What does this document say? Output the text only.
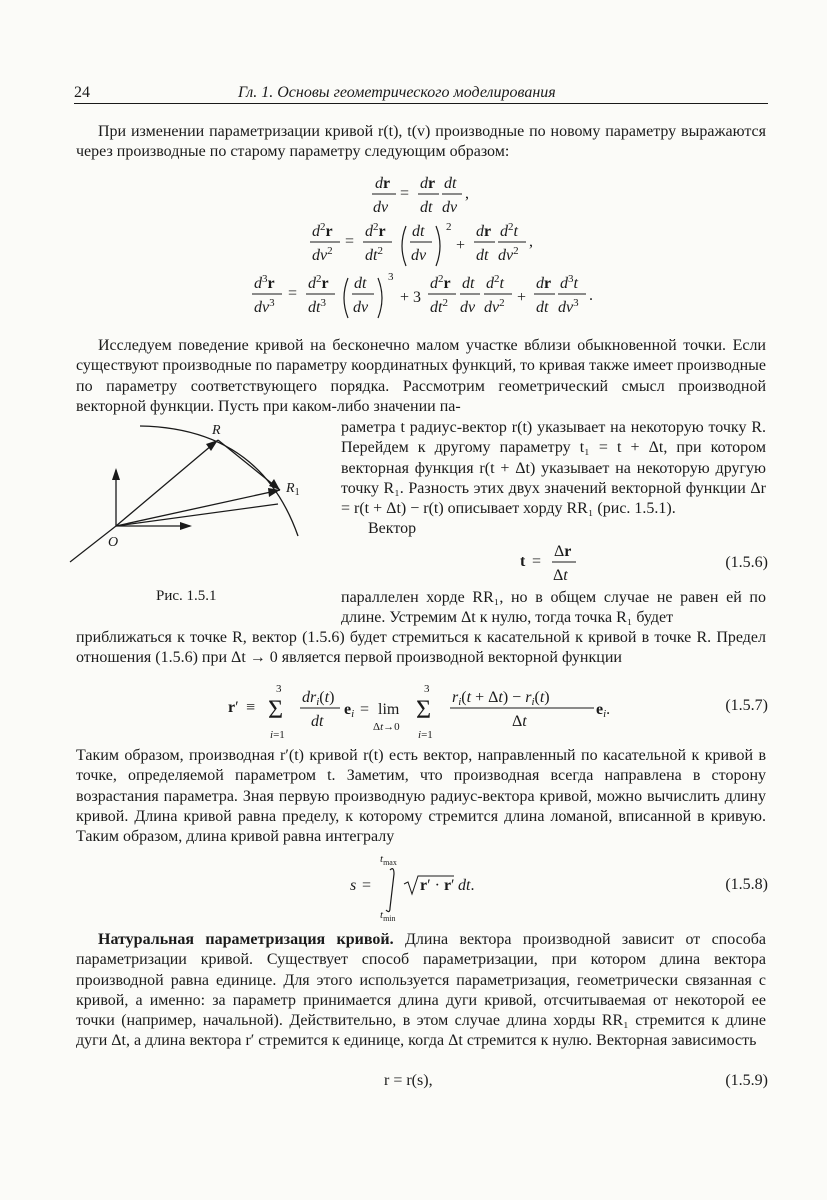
24	Гл. 1. Основы геометрического моделирования
При изменении параметризации кривой r(t), t(v) производные по новому параметру выражаются через производные по старому параметру следующим образом:
dr
dv
=
dr
dt
dt
dv
,
$d^2r$
$dv^2$
=
$d^2r$
$dt^2$
dt
dv
2
+
dr
dt
$d^2t$
$dv^2$
,
$d^3r$
$dv^3$
=
$d^2r$
$dt^3$
dt
dv
3
+ 3
$d^2r$
$dt^2$
dt
dv
$d^2t$
$dv^2$ +
dr
dt
$d^3t$
$dv^3$ .
Исследуем поведение кривой на бесконечно малом участке вблизи обыкновенной точки. Если существуют производные по параметру координатных функций, то кривая также имеет производные по параметру соответствующего порядка. Рассмотрим геометрический смысл производной векторной функции. Пусть при каком-либо значении па-
R
$R_1$
O
Рис. 1.5.1
раметра t радиус-вектор r(t) указывает на некоторую точку R. Перейдем к другому параметру t₁ = t + Δt, при котором векторная функция r(t + Δt) указывает на некоторую другую точку R₁. Разность этих двух значений векторной функции Δr = r(t + Δt) − r(t) описывает хорду RR₁ (рис. 1.5.1).
Вектор
t =
Δr
Δt
(1.5.6)
параллелен хорде RR₁, но в общем случае не равен ей по длине. Устремим Δt к нулю, тогда точка R₁ будет
приближаться к точке R, вектор (1.5.6) будет стремиться к касательной к кривой в точке R. Предел отношения (1.5.6) при Δt → 0 является первой производной векторной функции
r′ ≡
3
Σ
i=1
dri(t)
dt
ei = lim
Δt→0
3
Σ
i=1
ri(t + Δt) − ri(t)
Δt
ei.	(1.5.7)
Таким образом, производная r′(t) кривой r(t) есть вектор, направленный по касательной к кривой в точке, определяемой параметром t. Заметим, что производная всегда направлена в сторону возрастания параметра. Зная первую производную радиус-вектора кривой, можно вычислить длину кривой. Длина кривой равна пределу, к которому стремится длина ломаной, вписанной в кривую. Таким образом, длина кривой равна интегралу
$t_{max}$
s =
$t_{min}$
r′ · r′ dt.	(1.5.8)
Натуральная параметризация кривой. Длина вектора производной зависит от способа параметризации кривой. Существует способ параметризации, при котором длина вектора производной равна единице. Для этого используется параметризация, геометрически связанная с кривой, а именно: за параметр принимается длина дуги кривой, отсчитываемая от некоторой ее точки (например, начальной). Действительно, в этом случае длина хорды RR₁ стремится к длине дуги Δt, а длина вектора r′ стремится к единице, когда Δt стремится к нулю. Векторная зависимость
r = r(s),	(1.5.9)
